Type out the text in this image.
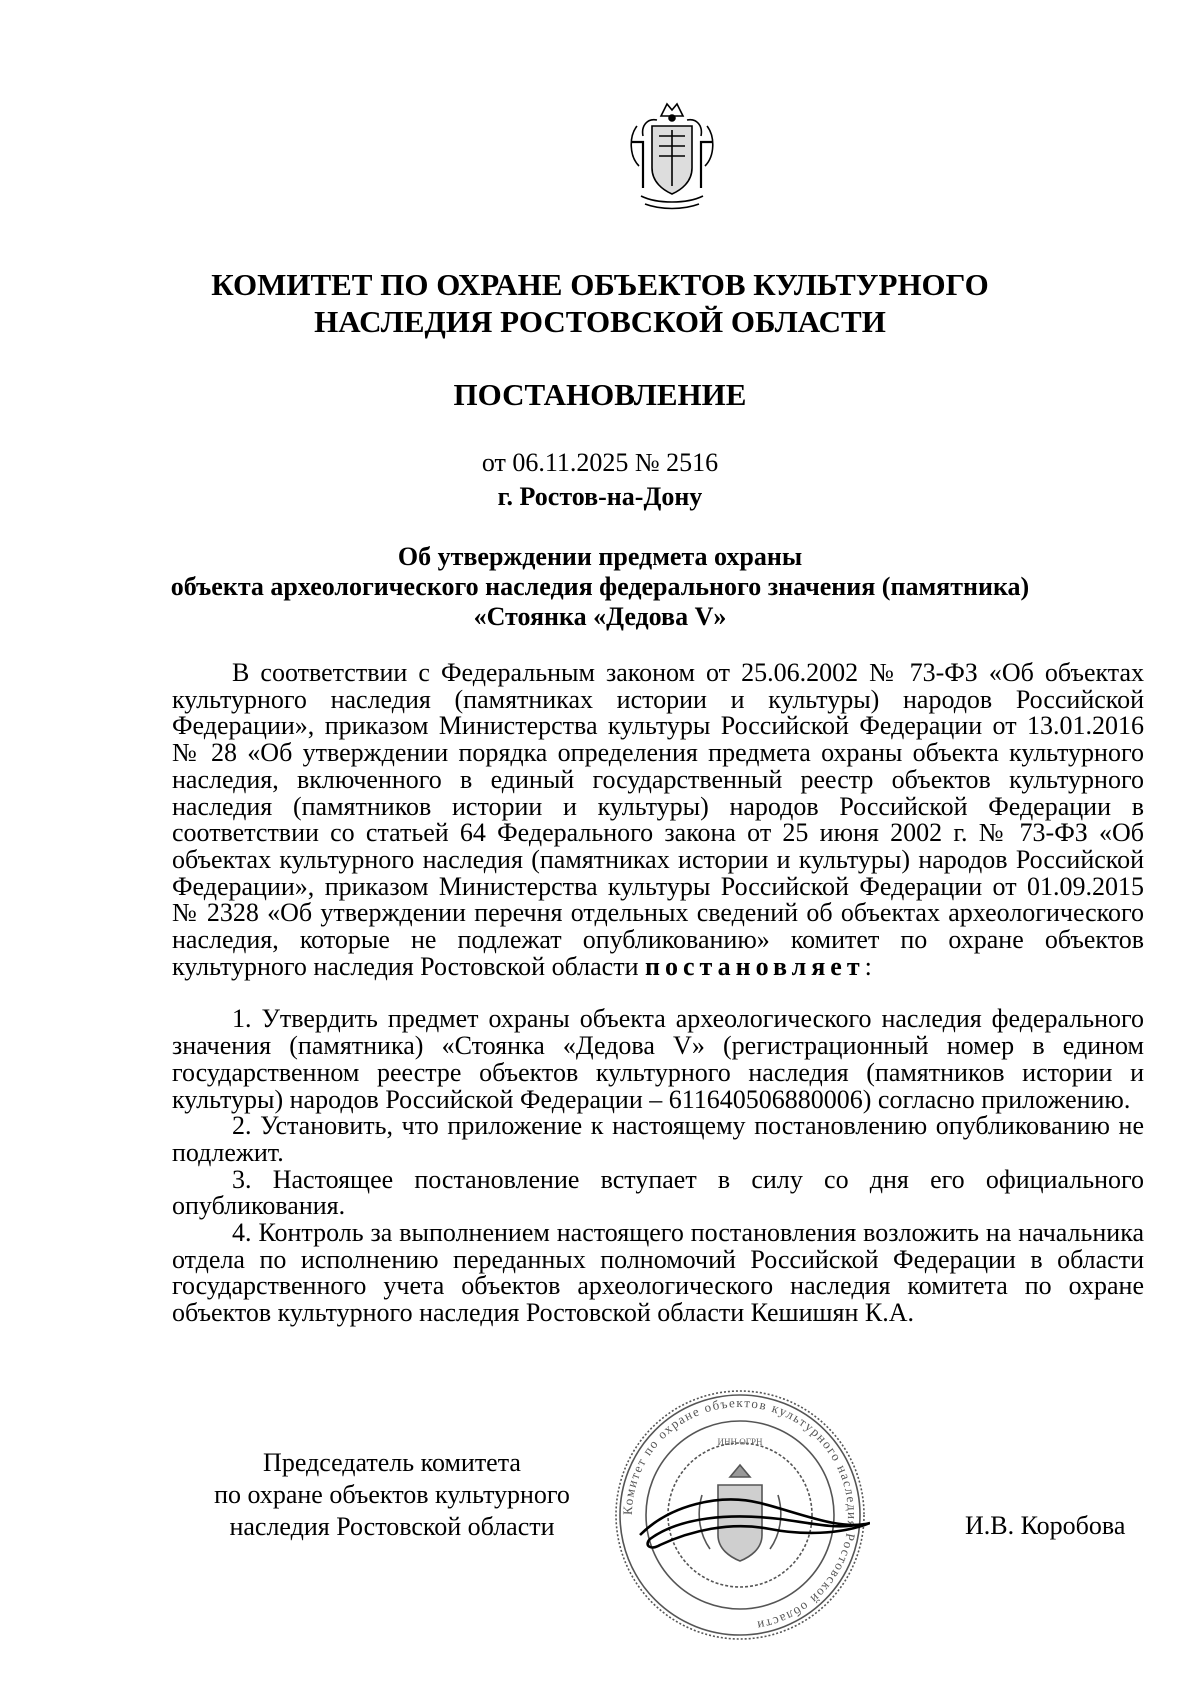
КОМИТЕТ ПО ОХРАНЕ ОБЪЕКТОВ КУЛЬТУРНОГО
НАСЛЕДИЯ РОСТОВСКОЙ ОБЛАСТИ
ПОСТАНОВЛЕНИЕ
от 06.11.2025 № 2516
г. Ростов-на-Дону
Об утверждении предмета охраны
объекта археологического наследия федерального значения (памятника)
«Стоянка «Дедова V»

В соответствии с Федеральным законом от 25.06.2002 № 73-ФЗ «Об объектах культурного наследия (памятниках истории и культуры) народов Российской Федерации», приказом Министерства культуры Российской Федерации от 13.01.2016 № 28 «Об утверждении порядка определения предмета охраны объекта культурного наследия, включенного в единый государственный реестр объектов культурного наследия (памятников истории и культуры) народов Российской Федерации в соответствии со статьей 64 Федерального закона от 25 июня 2002 г. № 73-ФЗ «Об объектах культурного наследия (памятниках истории и культуры) народов Российской Федерации», приказом Министерства культуры Российской Федерации от 01.09.2015 № 2328 «Об утверждении перечня отдельных сведений об объектах археологического наследия, которые не подлежат опубликованию» комитет по охране объектов культурного наследия Ростовской области постановляет:

1. Утвердить предмет охраны объекта археологического наследия федерального значения (памятника) «Стоянка «Дедова V» (регистрационный номер в едином государственном реестре объектов культурного наследия (памятников истории и культуры) народов Российской Федерации – 611640506880006) согласно приложению.

2. Установить, что приложение к настоящему постановлению опубликованию не подлежит.

3. Настоящее постановление вступает в силу со дня его официального опубликования.

4. Контроль за выполнением настоящего постановления возложить на начальника отдела по исполнению переданных полномочий Российской Федерации в области государственного учета объектов археологического наследия комитета по охране объектов культурного наследия Ростовской области Кешишян К.А.

Председатель комитета
по охране объектов культурного
наследия Ростовской области
Комитет по охране объектов культурного наследия Ростовской области
ИНН ОГРН
И.В. Коробова
